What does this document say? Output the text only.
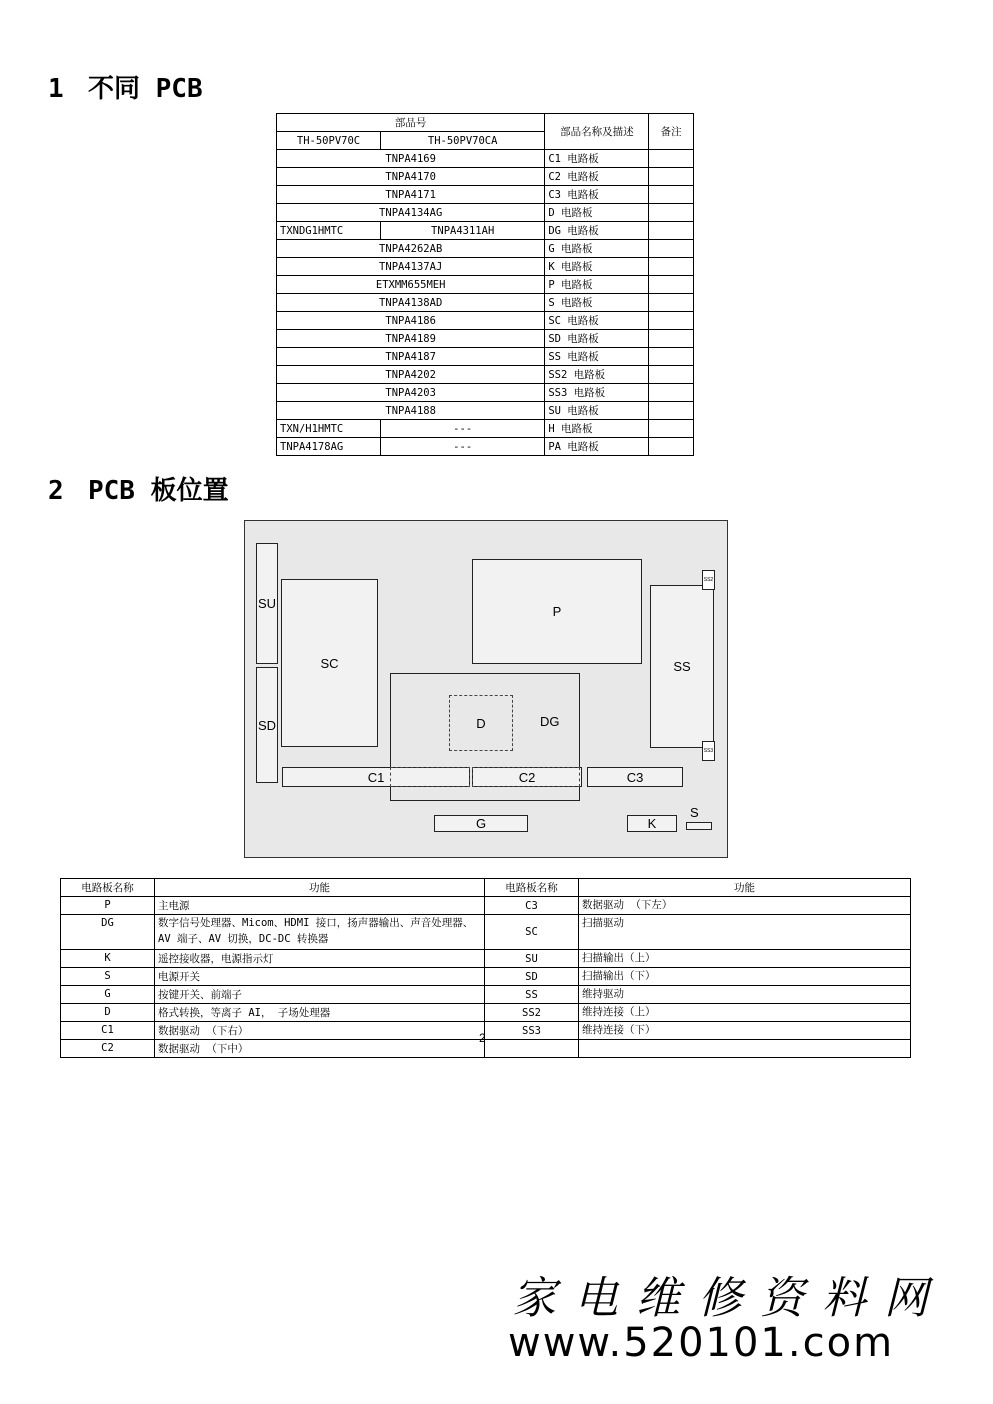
1 不同 PCB
部品号		部品名称及描述	备注
TH-50PV70C	TH-50PV70CA		
TNPA4169		C1 电路板	
TNPA4170		C2 电路板	
TNPA4171		C3 电路板	
TNPA4134AG		D 电路板	
TXNDG1HMTC	TNPA4311AH	DG 电路板	
TNPA4262AB		G 电路板	
TNPA4137AJ		K 电路板	
ETXMM655MEH		P 电路板	
TNPA4138AD		S 电路板	
TNPA4186		SC 电路板	
TNPA4189		SD 电路板	
TNPA4187		SS 电路板	
TNPA4202		SS2 电路板	
TNPA4203		SS3 电路板	
TNPA4188		SU 电路板	
TXN/H1HMTC	---	H 电路板	
TNPA4178AG	---	PA 电路板	
2 PCB 板位置
SU
SD
SC
P
SS
SS2
SS3
DG
D
C1	C2	C3
G	K
S
电路板名称	功能	电路板名称	功能
P	主电源	C3	数据驱动 （下左）
DG	数字信号处理器、Micom、HDMI 接口，扬声器输出、声音处理器、AV 端子、AV 切换，DC-DC 转换器	SC	扫描驱动
K	遥控接收器，电源指示灯	SU	扫描输出（上）
S	电源开关	SD	扫描输出（下）
G	按键开关、前端子	SS	维持驱动
D	格式转换，等离子 AI， 子场处理器	SS2	维持连接（上）
C1	数据驱动 （下右）	SS3	维持连接（下）
C2	数据驱动 （下中）		
2
家电维修资料网
www.520101.com
